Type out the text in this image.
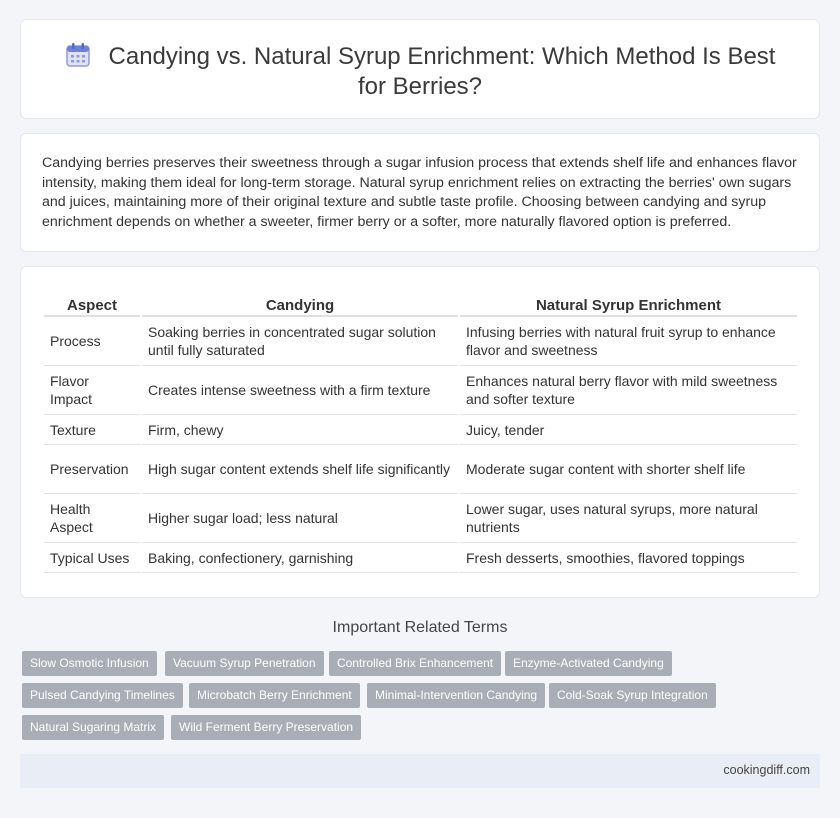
Candying vs. Natural Syrup Enrichment: Which Method Is Best for Berries?

Candying berries preserves their sweetness through a sugar infusion process that extends shelf life and enhances flavor intensity, making them ideal for long-term storage. Natural syrup enrichment relies on extracting the berries' own sugars and juices, maintaining more of their original texture and subtle taste profile. Choosing between candying and syrup enrichment depends on whether a sweeter, firmer berry or a softer, more naturally flavored option is preferred.

Aspect	Candying	Natural Syrup Enrichment
Process	Soaking berries in concentrated sugar solution until fully saturated	Infusing berries with natural fruit syrup to enhance flavor and sweetness
Flavor Impact	Creates intense sweetness with a firm texture	Enhances natural berry flavor with mild sweetness and softer texture
Texture	Firm, chewy	Juicy, tender
Preservation	High sugar content extends shelf life significantly	Moderate sugar content with shorter shelf life
Health Aspect	Higher sugar load; less natural	Lower sugar, uses natural syrups, more natural nutrients
Typical Uses	Baking, confectionery, garnishing	Fresh desserts, smoothies, flavored toppings
Important Related Terms
Slow Osmotic Infusion	Vacuum Syrup Penetration	Controlled Brix Enhancement	Enzyme-Activated Candying
Pulsed Candying Timelines	Microbatch Berry Enrichment	Minimal-Intervention Candying	Cold-Soak Syrup Integration
Natural Sugaring Matrix	Wild Ferment Berry Preservation
cookingdiff.com
